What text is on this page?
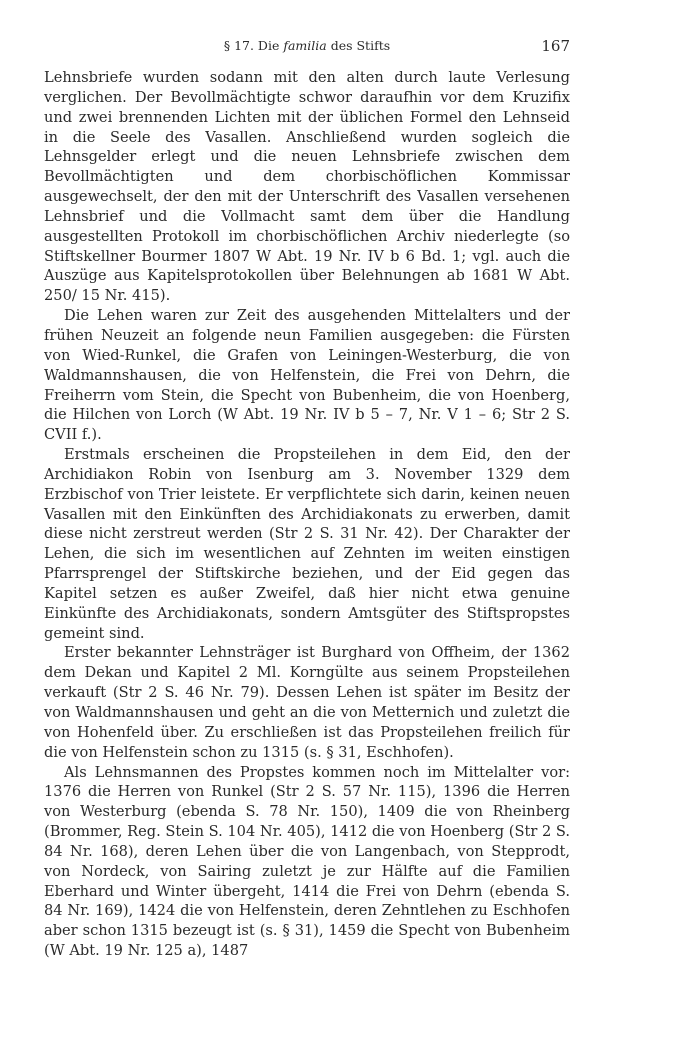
§ 17. Die familia des Stifts	167

Lehnsbriefe wurden sodann mit den alten durch laute Verlesung verglichen. Der Bevollmächtigte schwor daraufhin vor dem Kruzifix und zwei brennenden Lichten mit der üblichen Formel den Lehnseid in die Seele des Vasallen. Anschließend wurden sogleich die Lehnsgelder erlegt und die neuen Lehnsbriefe zwischen dem Bevollmächtigten und dem chorbischöflichen Kommissar ausgewechselt, der den mit der Unterschrift des Vasallen versehenen Lehnsbrief und die Vollmacht samt dem über die Handlung ausgestellten Protokoll im chorbischöflichen Archiv niederlegte (so Stiftskellner Bourmer 1807 W Abt. 19 Nr. IV b 6 Bd. 1; vgl. auch die Auszüge aus Kapitelsprotokollen über Belehnungen ab 1681 W Abt. 250/ 15 Nr. 415).

Die Lehen waren zur Zeit des ausgehenden Mittelalters und der frühen Neuzeit an folgende neun Familien ausgegeben: die Fürsten von Wied-Runkel, die Grafen von Leiningen-Westerburg, die von Waldmannshausen, die von Helfenstein, die Frei von Dehrn, die Freiherrn vom Stein, die Specht von Bubenheim, die von Hoenberg, die Hilchen von Lorch (W Abt. 19 Nr. IV b 5 – 7, Nr. V 1 – 6; Str 2 S. CVII f.).

Erstmals erscheinen die Propsteilehen in dem Eid, den der Archidiakon Robin von Isenburg am 3. November 1329 dem Erzbischof von Trier leistete. Er verpflichtete sich darin, keinen neuen Vasallen mit den Einkünften des Archidiakonats zu erwerben, damit diese nicht zerstreut werden (Str 2 S. 31 Nr. 42). Der Charakter der Lehen, die sich im wesentlichen auf Zehnten im weiten einstigen Pfarrsprengel der Stiftskirche beziehen, und der Eid gegen das Kapitel setzen es außer Zweifel, daß hier nicht etwa genuine Einkünfte des Archidiakonats, sondern Amtsgüter des Stiftspropstes gemeint sind.

Erster bekannter Lehnsträger ist Burghard von Offheim, der 1362 dem Dekan und Kapitel 2 Ml. Korngülte aus seinem Propsteilehen verkauft (Str 2 S. 46 Nr. 79). Dessen Lehen ist später im Besitz der von Waldmannshausen und geht an die von Metternich und zuletzt die von Hohenfeld über. Zu erschließen ist das Propsteilehen freilich für die von Helfenstein schon zu 1315 (s. § 31, Eschhofen).

Als Lehnsmannen des Propstes kommen noch im Mittelalter vor: 1376 die Herren von Runkel (Str 2 S. 57 Nr. 115), 1396 die Herren von Westerburg (ebenda S. 78 Nr. 150), 1409 die von Rheinberg (Brommer, Reg. Stein S. 104 Nr. 405), 1412 die von Hoenberg (Str 2 S. 84 Nr. 168), deren Lehen über die von Langenbach, von Stepprodt, von Nordeck, von Sairing zuletzt je zur Hälfte auf die Familien Eberhard und Winter übergeht, 1414 die Frei von Dehrn (ebenda S. 84 Nr. 169), 1424 die von Helfenstein, deren Zehntlehen zu Eschhofen aber schon 1315 bezeugt ist (s. § 31), 1459 die Specht von Bubenheim (W Abt. 19 Nr. 125 a), 1487
